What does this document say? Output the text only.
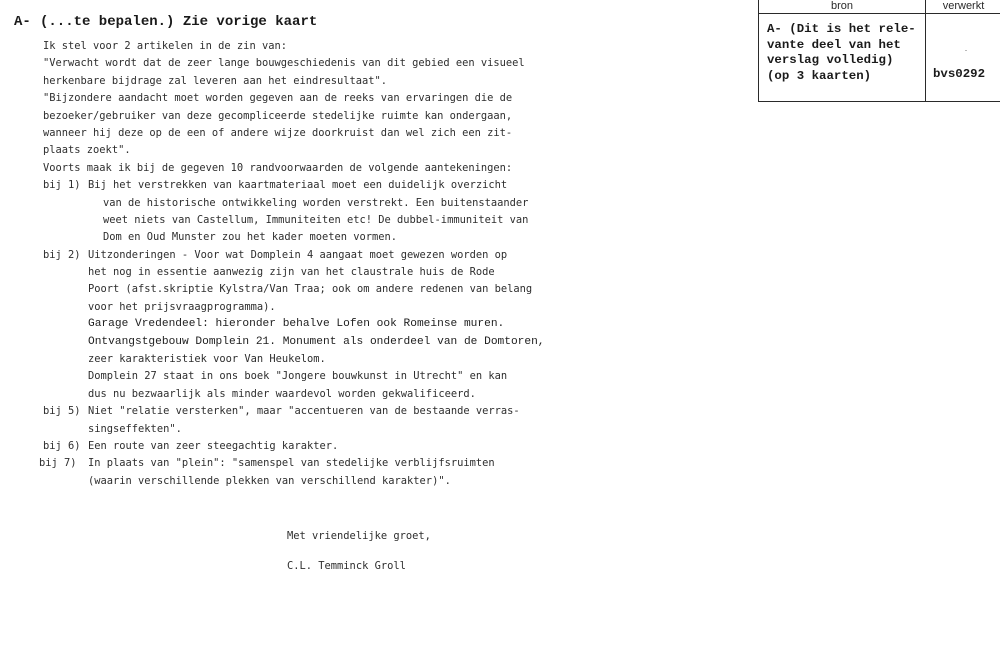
A- (...te bepalen.) Zie vorige kaart
Ik stel voor 2 artikelen in de zin van:
"Verwacht wordt dat de zeer lange bouwgeschiedenis van dit gebied een visueel
herkenbare bijdrage zal leveren aan het eindresultaat".
"Bijzondere aandacht moet worden gegeven aan de reeks van ervaringen die de
bezoeker/gebruiker van deze gecompliceerde stedelijke ruimte kan ondergaan,
wanneer hij deze op de een of andere wijze doorkruist dan wel zich een zit-
plaats zoekt".
Voorts maak ik bij de gegeven 10 randvoorwaarden de volgende aantekeningen:
bij 1) Bij het verstrekken van kaartmateriaal moet een duidelijk overzicht
van de historische ontwikkeling worden verstrekt. Een buitenstaander
weet niets van Castellum, Immuniteiten etc! De dubbel-immuniteit van
Dom en Oud Munster zou het kader moeten vormen.
bij 2) Uitzonderingen - Voor wat Domplein 4 aangaat moet gewezen worden op
het nog in essentie aanwezig zijn van het claustrale huis de Rode
Poort (afst.skriptie Kylstra/Van Traa; ook om andere redenen van belang
voor het prijsvraagprogramma).
Garage Vredendeel: hieronder behalve Lofen ook Romeinse muren.
Ontvangstgebouw Domplein 21. Monument als onderdeel van de Domtoren,
zeer karakteristiek voor Van Heukelom.
Domplein 27 staat in ons boek "Jongere bouwkunst in Utrecht" en kan
dus nu bezwaarlijk als minder waardevol worden gekwalificeerd.
bij 5) Niet "relatie versterken", maar "accentueren van de bestaande verras-
singseffekten".
bij 6) Een route van zeer steegachtig karakter.
bij 7)	In plaats van "plein": "samenspel van stedelijke verblijfsruimten
(waarin verschillende plekken van verschillend karakter)".
Met vriendelijke groet,
C.L. Temminck Groll
bron	verwerkt
A- (Dit is het rele-
vante deel van het
verslag volledig)
(op 3 kaarten)	bvs0292
